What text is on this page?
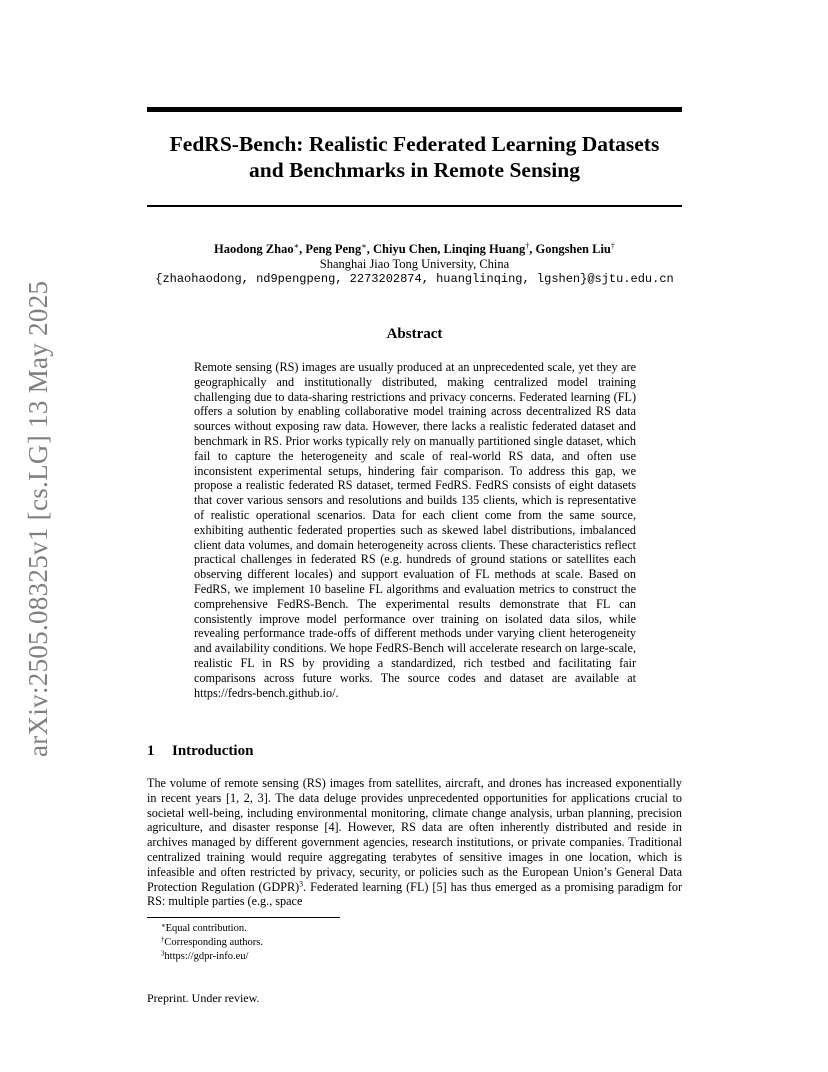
arXiv:2505.08325v1 [cs.LG] 13 May 2025
FedRS-Bench: Realistic Federated Learning Datasets
and Benchmarks in Remote Sensing
Haodong Zhao∗, Peng Peng∗, Chiyu Chen, Linqing Huang†, Gongshen Liu†
Shanghai Jiao Tong University, China
{zhaohaodong, nd9pengpeng, 2273202874, huanglinqing, lgshen}@sjtu.edu.cn
Abstract

Remote sensing (RS) images are usually produced at an unprecedented scale, yet they are geographically and institutionally distributed, making centralized model training challenging due to data-sharing restrictions and privacy concerns. Federated learning (FL) offers a solution by enabling collaborative model training across decentralized RS data sources without exposing raw data. However, there lacks a realistic federated dataset and benchmark in RS. Prior works typically rely on manually partitioned single dataset, which fail to capture the heterogeneity and scale of real-world RS data, and often use inconsistent experimental setups, hindering fair comparison. To address this gap, we propose a realistic federated RS dataset, termed FedRS. FedRS consists of eight datasets that cover various sensors and resolutions and builds 135 clients, which is representative of realistic operational scenarios. Data for each client come from the same source, exhibiting authentic federated properties such as skewed label distributions, imbalanced client data volumes, and domain heterogeneity across clients. These characteristics reflect practical challenges in federated RS (e.g. hundreds of ground stations or satellites each observing different locales) and support evaluation of FL methods at scale. Based on FedRS, we implement 10 baseline FL algorithms and evaluation metrics to construct the comprehensive FedRS-Bench. The experimental results demonstrate that FL can consistently improve model performance over training on isolated data silos, while revealing performance trade-offs of different methods under varying client heterogeneity and availability conditions. We hope FedRS-Bench will accelerate research on large-scale, realistic FL in RS by providing a standardized, rich testbed and facilitating fair comparisons across future works. The source codes and dataset are available at https://fedrs-bench.github.io/.

1 Introduction

The volume of remote sensing (RS) images from satellites, aircraft, and drones has increased exponentially in recent years [1, 2, 3]. The data deluge provides unprecedented opportunities for applications crucial to societal well-being, including environmental monitoring, climate change analysis, urban planning, precision agriculture, and disaster response [4]. However, RS data are often inherently distributed and reside in archives managed by different government agencies, research institutions, or private companies. Traditional centralized training would require aggregating terabytes of sensitive images in one location, which is infeasible and often restricted by privacy, security, or policies such as the European Union’s General Data Protection Regulation (GDPR)$^3$. Federated learning (FL) [5] has thus emerged as a promising paradigm for RS: multiple parties (e.g., space

∗Equal contribution.
†Corresponding authors.
$^3$https://gdpr-info.eu/
Preprint. Under review.
